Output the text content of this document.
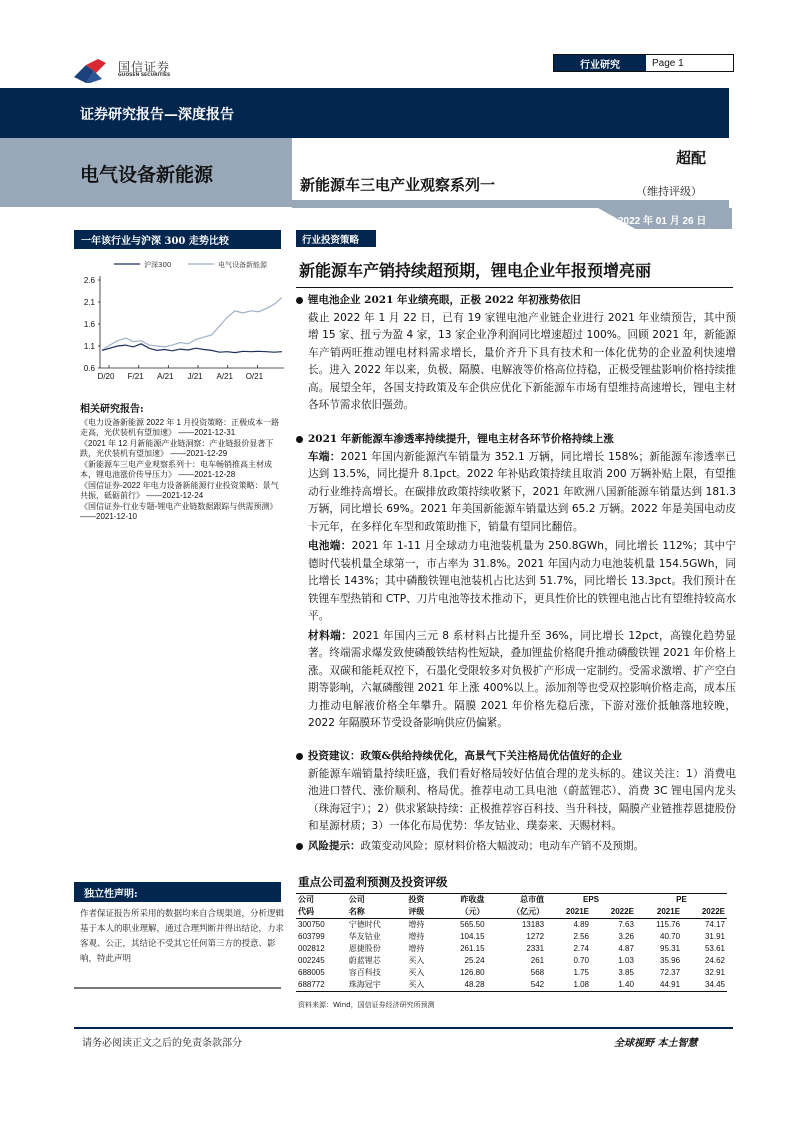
国信证券
GUOSEN SECURITIES
行业研究	Page 1
证券研究报告—深度报告
电气设备新能源	新能源车三电产业观察系列一
超配
（维持评级）
2022 年 01 月 26 日
一年该行业与沪深 300 走势比较
沪深300	电气设备新能源
2.6
2.1
1.6
1.1
0.6
D/20 F/21 A/21 J/21 A/21 O/21
相关研究报告:

《电力设备新能源 2022 年 1 月投资策略：正极成本一路走高，光伏装机有望加速》 ——2021-12-31

《2021 年 12 月新能源产业链洞察：产业链报价显著下跌，光伏装机有望加速》 ——2021-12-29

《新能源车三电产业观察系列十：电车畅销推高主材成本，锂电池涨价传导压力》 ——2021-12-28

《国信证券-2022 年电力设备新能源行业投资策略：景气共振，砥砺前行》 ——2021-12-24

《国信证券-行业专题-锂电产业链数据跟踪与供需预测》 ——2021-12-10

独立性声明:
作者保证报告所采用的数据均来自合规渠道，分析逻辑基于本人的职业理解，通过合理判断并得出结论，力求客观、公正，其结论不受其它任何第三方的授意、影响，特此声明
行业投资策略
新能源车产销持续超预期，锂电企业年报预增亮丽
锂电池企业 2021 年业绩亮眼，正极 2022 年初涨势依旧
截止 2022 年 1 月 22 日，已有 19 家锂电池产业链企业进行 2021 年业绩预告，其中预增 15 家、扭亏为盈 4 家，13 家企业净利润同比增速超过 100%。回顾 2021 年，新能源车产销两旺推动锂电材料需求增长，量价齐升下具有技术和一体化优势的企业盈利快速增长。进入 2022 年以来，负极、隔膜、电解液等价格高位持稳，正极受锂盐影响价格持续推高。展望全年，各国支持政策及车企供应优化下新能源车市场有望维持高速增长，锂电主材各环节需求依旧强劲。
2021 年新能源车渗透率持续提升，锂电主材各环节价格持续上涨
车端：2021 年国内新能源汽车销量为 352.1 万辆，同比增长 158%；新能源车渗透率已达到 13.5%，同比提升 8.1pct。2022 年补贴政策持续且取消 200 万辆补贴上限，有望推动行业维持高增长。在碳排放政策持续收紧下，2021 年欧洲八国新能源车销量达到 181.3 万辆，同比增长 69%。2021 年美国新能源车销量达到 65.2 万辆。2022 年是美国电动皮卡元年，在多样化车型和政策助推下，销量有望同比翻倍。
电池端：2021 年 1-11 月全球动力电池装机量为 250.8GWh，同比增长 112%；其中宁德时代装机量全球第一，市占率为 31.8%。2021 年国内动力电池装机量 154.5GWh，同比增长 143%；其中磷酸铁锂电池装机占比达到 51.7%，同比增长 13.3pct。我们预计在铁锂车型热销和 CTP、刀片电池等技术推动下，更具性价比的铁锂电池占比有望维持较高水平。
材料端：2021 年国内三元 8 系材料占比提升至 36%，同比增长 12pct，高镍化趋势显著。终端需求爆发致使磷酸铁结构性短缺，叠加锂盐价格爬升推动磷酸铁锂 2021 年价格上涨。双碳和能耗双控下，石墨化受限较多对负极扩产形成一定制约。受需求激增、扩产空白期等影响，六氟磷酸锂 2021 年上涨 400%以上。添加剂等也受双控影响价格走高，成本压力推动电解液价格全年攀升。隔膜 2021 年价格先稳后涨，下游对涨价抵触落地较晚，2022 年隔膜环节受设备影响供应仍偏紧。
投资建议：政策&供给持续优化，高景气下关注格局优估值好的企业
新能源车端销量持续旺盛，我们看好格局较好估值合理的龙头标的。建议关注：1）消费电池进口替代、涨价顺利、格局优。推荐电动工具电池（蔚蓝锂芯）、消费 3C 锂电国内龙头（珠海冠宇）；2）供求紧缺持续：正极推荐容百科技、当升科技，隔膜产业链推荐恩捷股份和星源材质；3）一体化布局优势：华友钴业、璞泰来、天赐材料。
风险提示： 政策变动风险；原材料价格大幅波动；电动车产销不及预期。
重点公司盈利预测及投资评级
公司	公司	投资	昨收盘	总市值	EPS		PE	
代码	名称	评级	（元）	（亿元）	2021E	2022E	2021E	2022E
300750	宁德时代	增持	565.50	13183	4.89	7.63	115.76	74.17
603799	华友钴业	增持	104.15	1272	2.56	3.26	40.70	31.91
002812	恩捷股份	增持	261.15	2331	2.74	4.87	95.31	53.61
002245	蔚蓝锂芯	买入	25.24	261	0.70	1.03	35.96	24.62
688005	容百科技	买入	126.80	568	1.75	3.85	72.37	32.91
688772	珠海冠宇	买入	48.28	542	1.08	1.40	44.91	34.45
资料来源：Wind，国信证券经济研究所预测
请务必阅读正文之后的免责条款部分	全球视野 本土智慧
